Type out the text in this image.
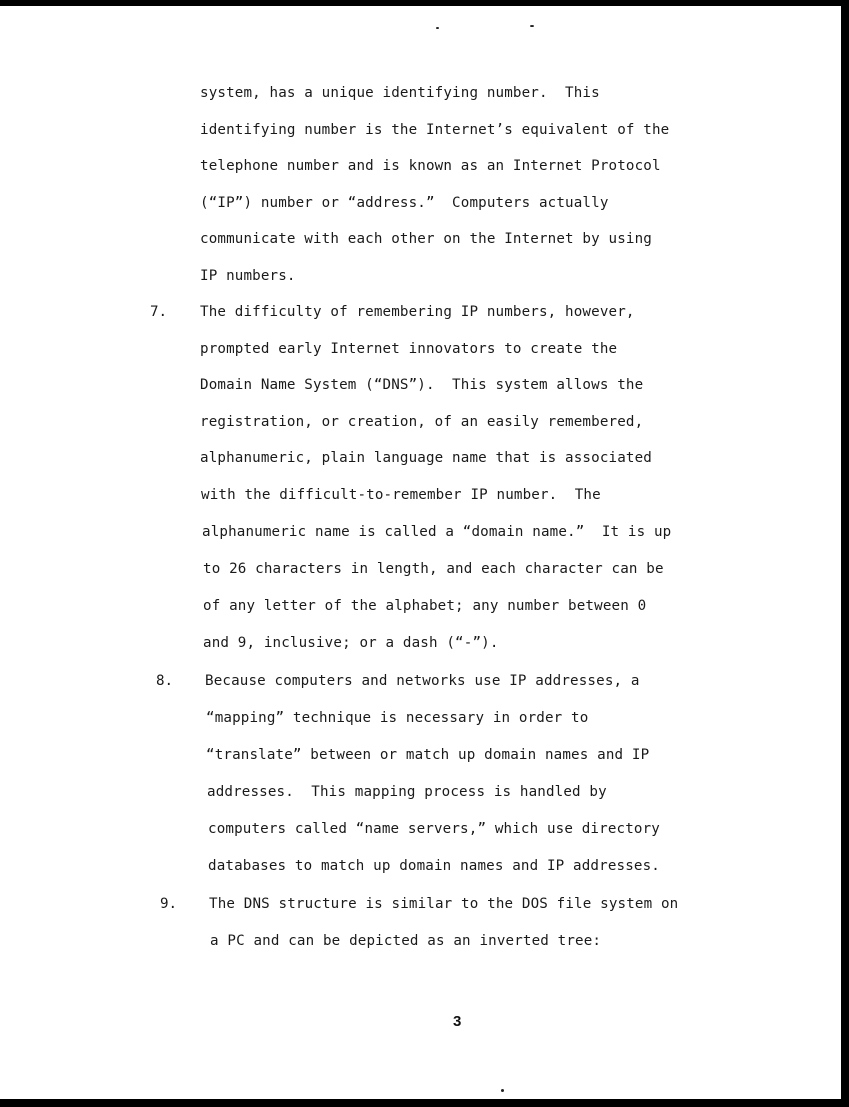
system, has a unique identifying number.  This
identifying number is the Internet’s equivalent of the
telephone number and is known as an Internet Protocol
(“IP”) number or “address.”  Computers actually
communicate with each other on the Internet by using
IP numbers.
7. The difficulty of remembering IP numbers, however,
prompted early Internet innovators to create the
Domain Name System (“DNS”).  This system allows the
registration, or creation, of an easily remembered,
alphanumeric, plain language name that is associated
with the difficult-to-remember IP number.  The
alphanumeric name is called a “domain name.”  It is up
to 26 characters in length, and each character can be
of any letter of the alphabet; any number between 0
and 9, inclusive; or a dash (“-”).
8. Because computers and networks use IP addresses, a
“mapping” technique is necessary in order to
“translate” between or match up domain names and IP
addresses.  This mapping process is handled by
computers called “name servers,” which use directory
databases to match up domain names and IP addresses.
9. The DNS structure is similar to the DOS file system on
a PC and can be depicted as an inverted tree:
3
